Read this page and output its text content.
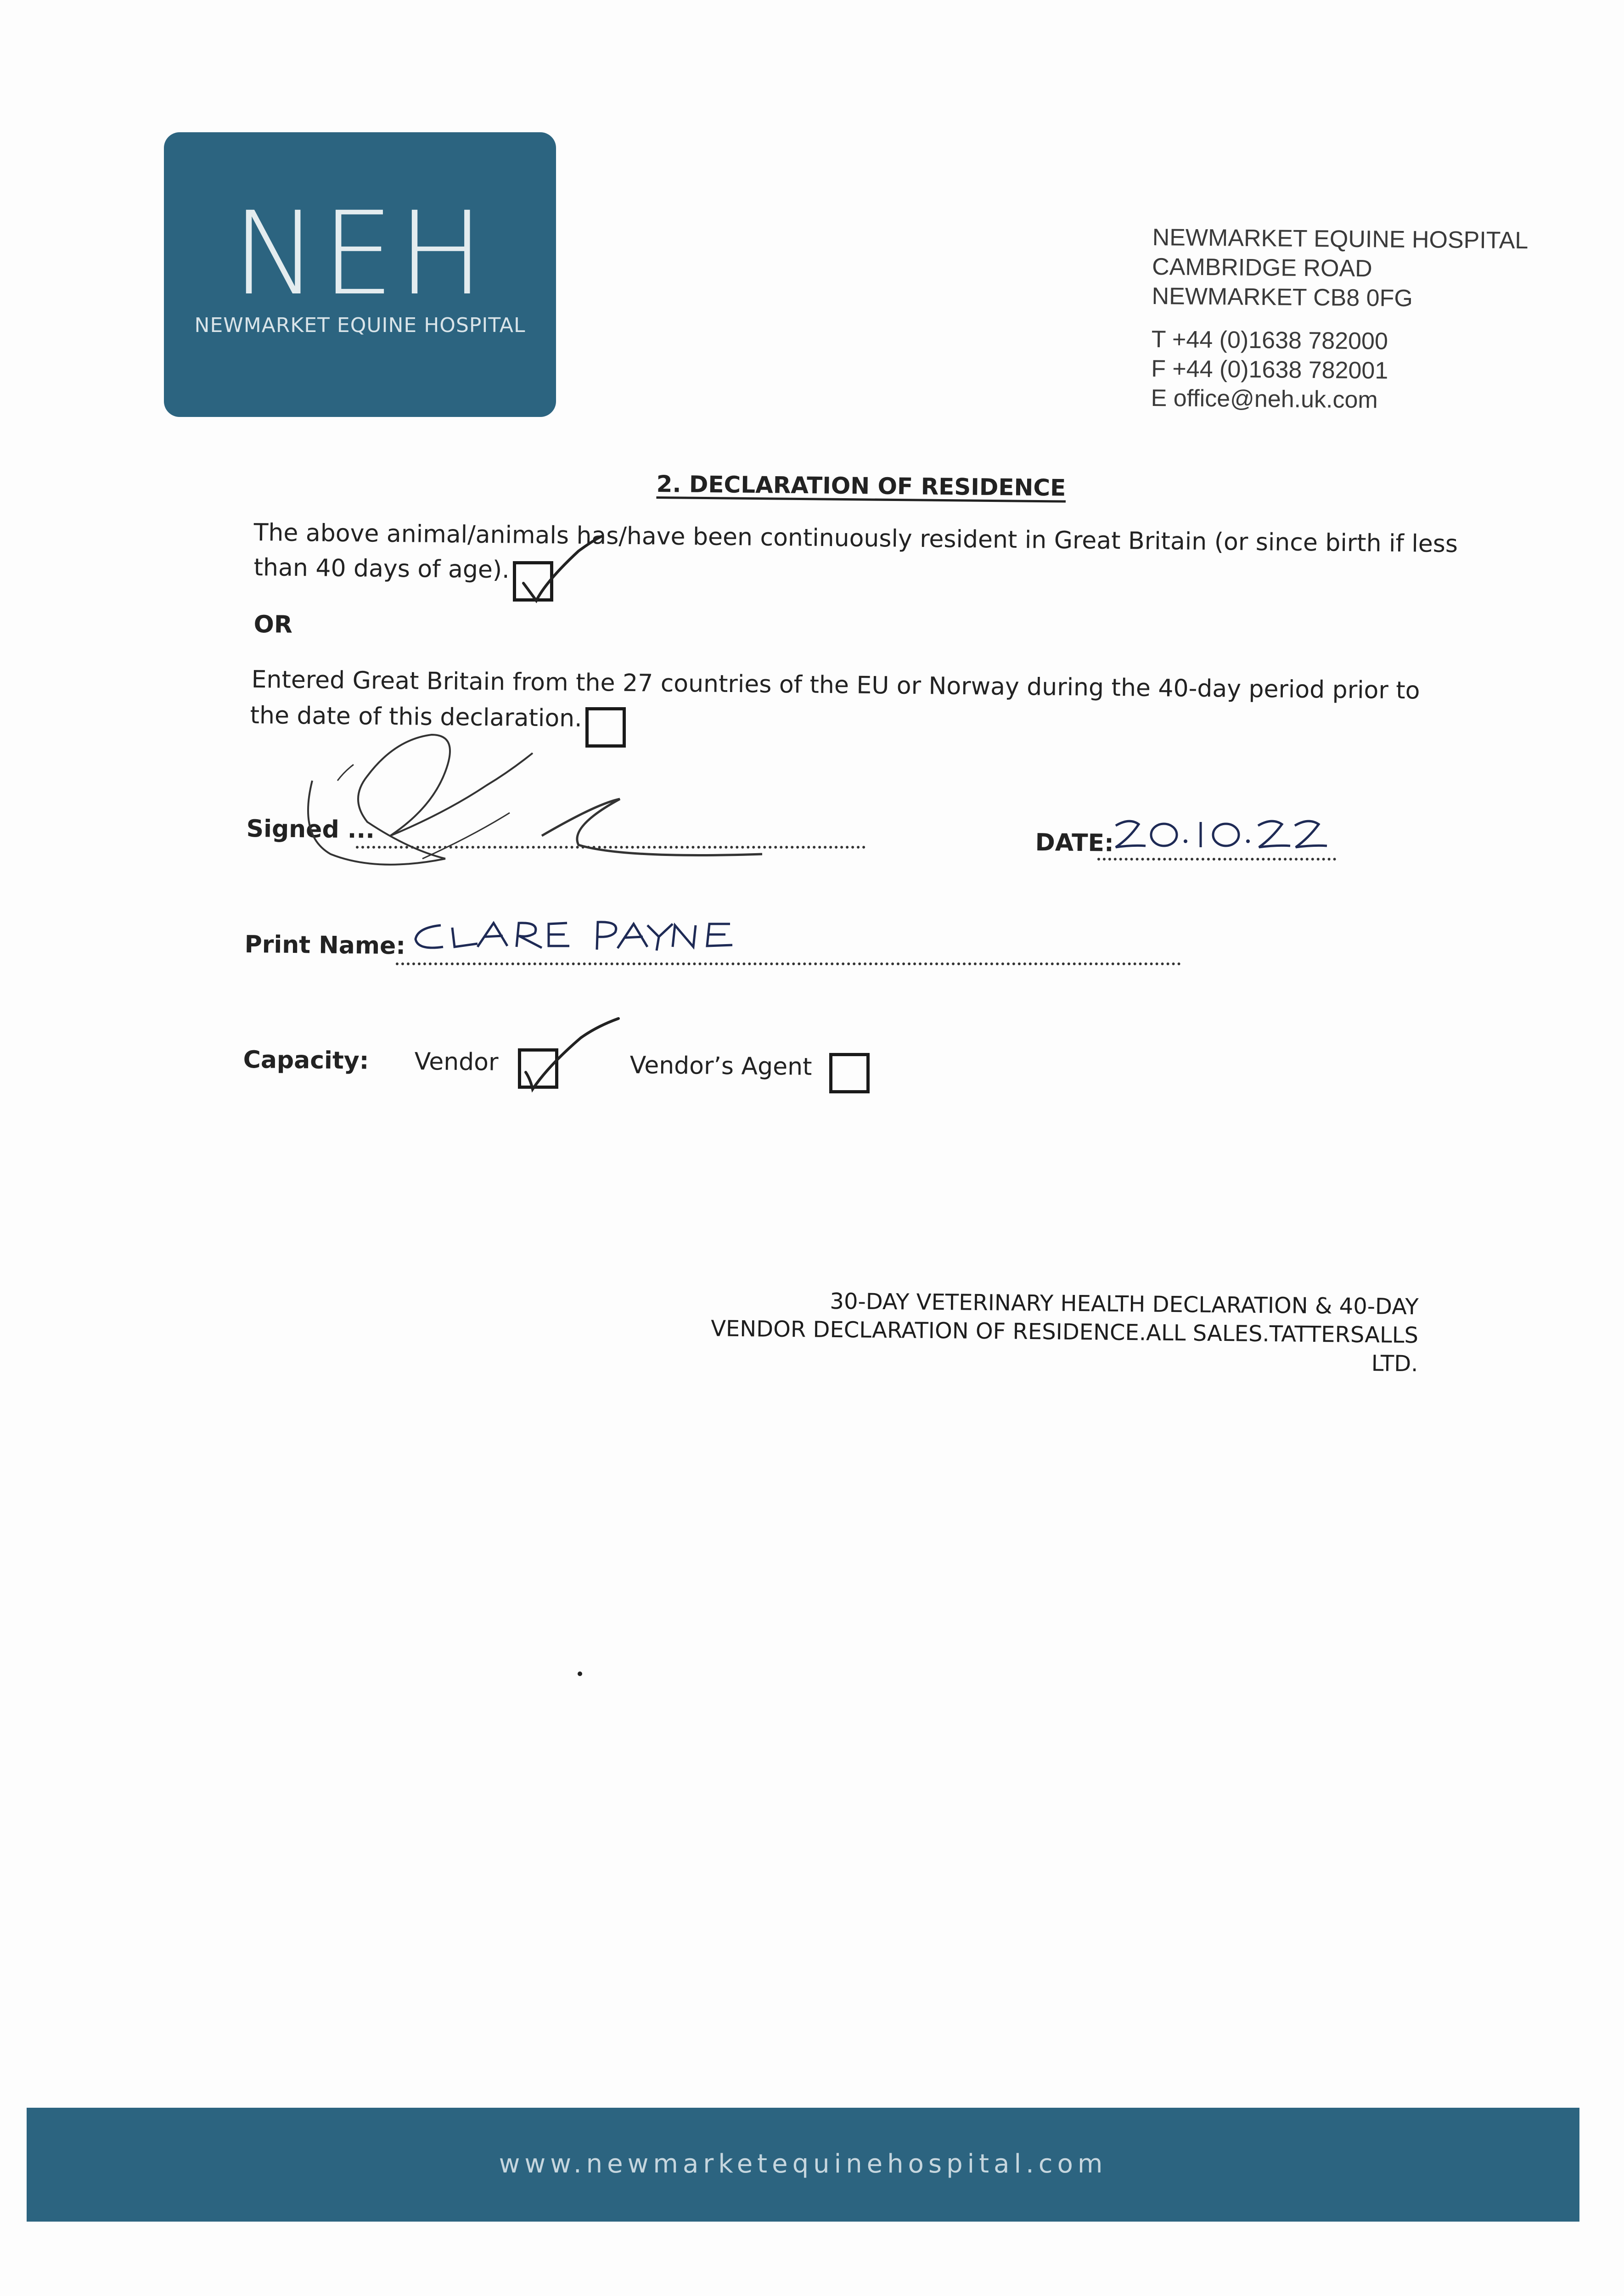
NEH
NEWMARKET EQUINE HOSPITAL
NEWMARKET EQUINE HOSPITAL
CAMBRIDGE ROAD
NEWMARKET CB8 0FG
T +44 (0)1638 782000
F +44 (0)1638 782001
E office@neh.uk.com
2. DECLARATION OF RESIDENCE
The above animal/animals has/have been continuously resident in Great Britain (or since birth if less
than 40 days of age).
OR
Entered Great Britain from the 27 countries of the EU or Norway during the 40-day period prior to
the date of this declaration.
Signed ...	DATE:
Print Name:
Capacity: Vendor	Vendor’s Agent
30-DAY VETERINARY HEALTH DECLARATION & 40-DAY
VENDOR DECLARATION OF RESIDENCE.ALL SALES.TATTERSALLS LTD.
www.newmarketequinehospital.com
